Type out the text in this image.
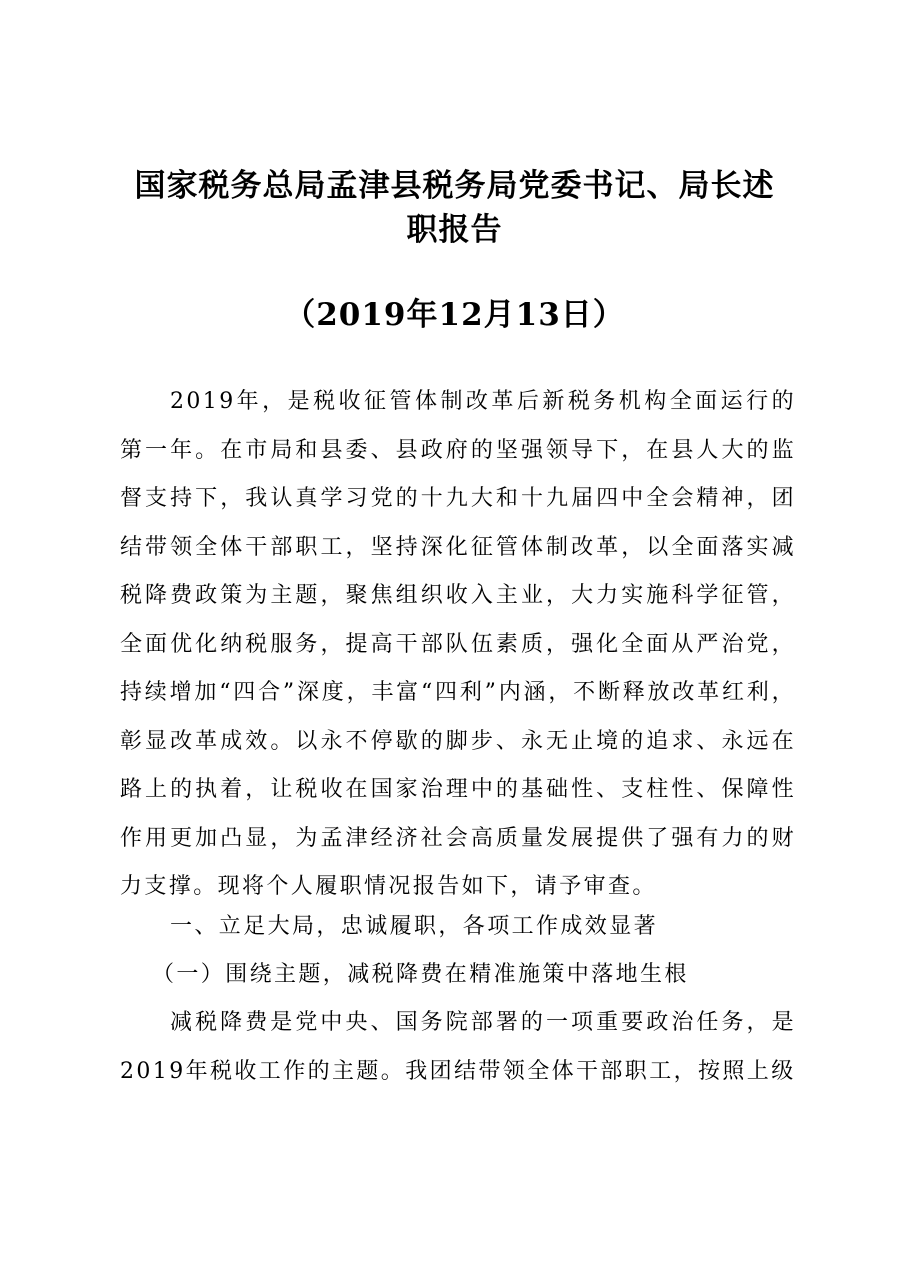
国家税务总局孟津县税务局党委书记、局长述
职报告
（2019年12月13日）
2019年，是税收征管体制改革后新税务机构全面运行的第一年。在市局和县委、县政府的坚强领导下，在县人大的监督支持下，我认真学习党的十九大和十九届四中全会精神，团结带领全体干部职工，坚持深化征管体制改革，以全面落实减税降费政策为主题，聚焦组织收入主业，大力实施科学征管，全面优化纳税服务，提高干部队伍素质，强化全面从严治党，持续增加“四合”深度，丰富“四利”内涵，不断释放改革红利，彰显改革成效。以永不停歇的脚步、永无止境的追求、永远在路上的执着，让税收在国家治理中的基础性、支柱性、保障性作用更加凸显，为孟津经济社会高质量发展提供了强有力的财力支撑。现将个人履职情况报告如下，请予审查。
一、立足大局，忠诚履职，各项工作成效显著
（一）围绕主题，减税降费在精准施策中落地生根
减税降费是党中央、国务院部署的一项重要政治任务，是2019年税收工作的主题。我团结带领全体干部职工，按照上级
